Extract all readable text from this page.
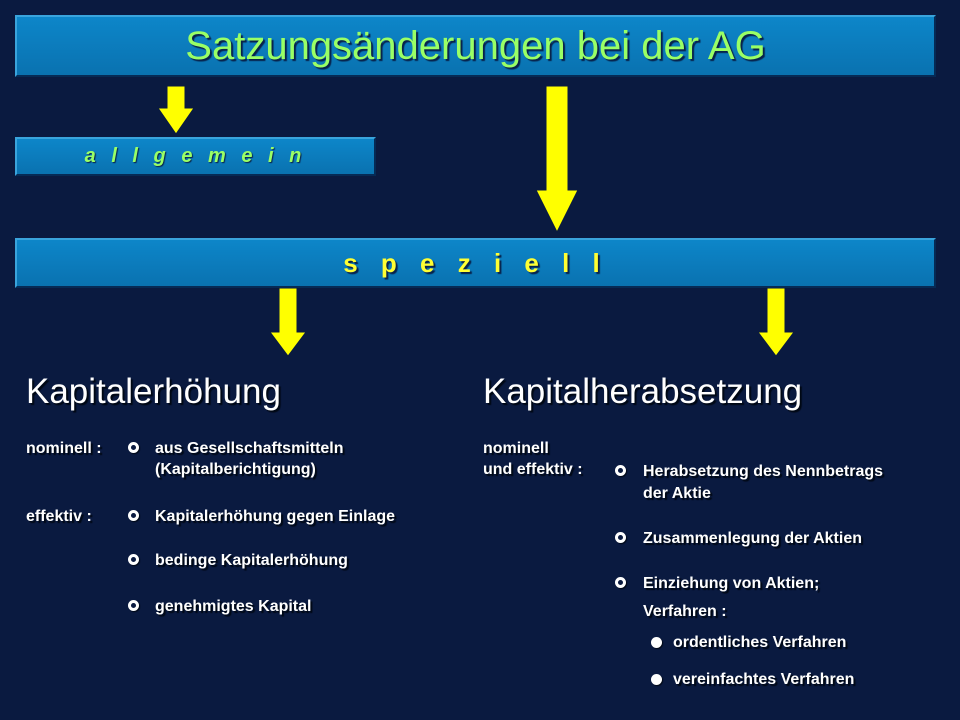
Satzungsänderungen bei der AG
a l l g e m e i n
s p e z i e l l
Kapitalerhöhung
nominell :	aus Gesellschaftsmitteln
(Kapitalberichtigung)
effektiv :	Kapitalerhöhung gegen Einlage
bedinge Kapitalerhöhung
genehmigtes Kapital
Kapitalherabsetzung
nominell
und effektiv :	Herabsetzung des Nennbetrags
der Aktie
Zusammenlegung der Aktien
Einziehung von Aktien;
Verfahren :
ordentliches Verfahren
vereinfachtes Verfahren
